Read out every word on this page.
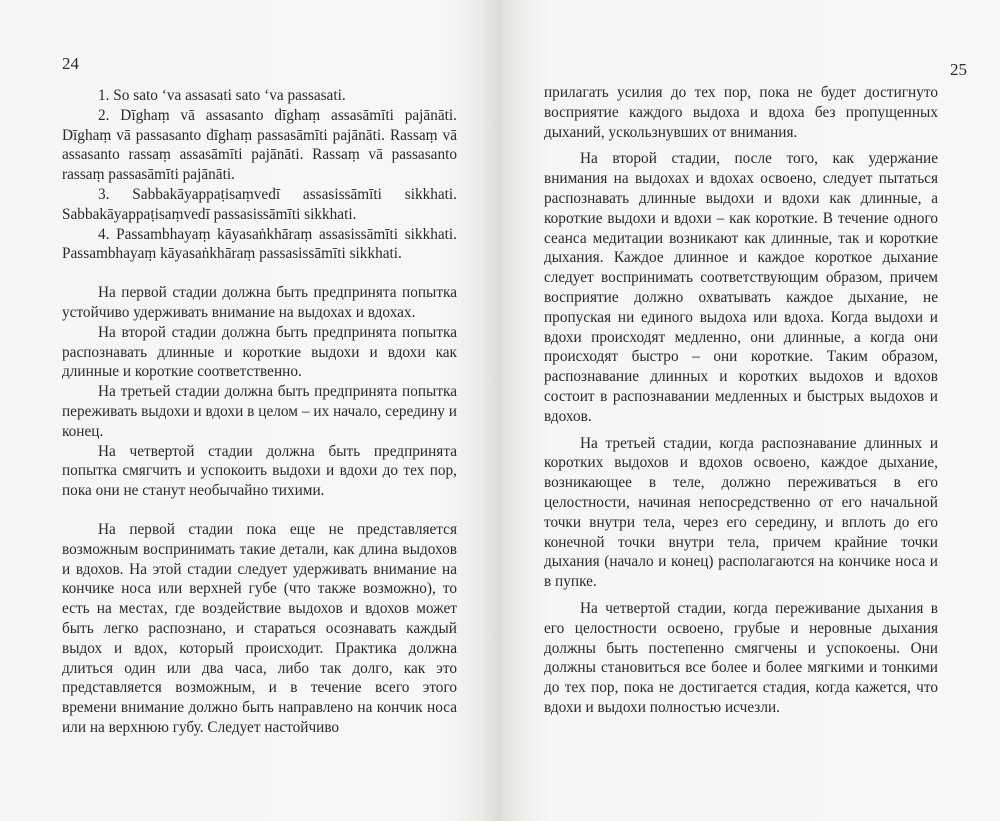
24

1. So sato ‘va assasati sato ‘va passasati.

2. Dīghaṃ vā assasanto dīghaṃ assasāmīti pajānāti. Dīghaṃ vā passasanto dīghaṃ passasāmīti pajānāti. Rassaṃ vā assasanto rassaṃ assasāmīti pajānāti. Rassaṃ vā passasanto rassaṃ passasāmīti pajānāti.

3. Sabbakāyappaṭisaṃvedī assasissāmīti sikkhati. Sabbakāyappaṭisaṃvedī passasissāmīti sikkhati.

4. Passambhayaṃ kāyasaṅkhāraṃ assasissāmīti sikkhati. Passambhayaṃ kāyasaṅkhāraṃ passasissāmīti sikkhati.

На первой стадии должна быть предпринята попытка устойчиво удерживать внимание на выдохах и вдохах.

На второй стадии должна быть предпринята попытка распознавать длинные и короткие выдохи и вдохи как длинные и короткие соответственно.

На третьей стадии должна быть предпринята попытка переживать выдохи и вдохи в целом – их начало, середину и конец.

На четвертой стадии должна быть предпринята попытка смягчить и успокоить выдохи и вдохи до тех пор, пока они не станут необычайно тихими.

На первой стадии пока еще не представляется возможным воспринимать такие детали, как длина выдохов и вдохов. На этой стадии следует удерживать внимание на кончике носа или верхней губе (что также возможно), то есть на местах, где воздействие выдохов и вдохов может быть легко распознано, и стараться осознавать каждый выдох и вдох, который происходит. Практика должна длиться один или два часа, либо так долго, как это представляется возможным, и в течение всего этого времени внимание должно быть направлено на кончик носа или на верхнюю губу. Следует настойчиво

25

прилагать усилия до тех пор, пока не будет достигнуто восприятие каждого выдоха и вдоха без пропущенных дыханий, ускользнувших от внимания.

На второй стадии, после того, как удержание внимания на выдохах и вдохах освоено, следует пытаться распознавать длинные выдохи и вдохи как длинные, а короткие выдохи и вдохи – как короткие. В течение одного сеанса медитации возникают как длинные, так и короткие дыхания. Каждое длинное и каждое короткое дыхание следует воспринимать соответствующим образом, причем восприятие должно охватывать каждое дыхание, не пропуская ни единого выдоха или вдоха. Когда выдохи и вдохи происходят медленно, они длинные, а когда они происходят быстро – они короткие. Таким образом, распознавание длинных и коротких выдохов и вдохов состоит в распознавании медленных и быстрых выдохов и вдохов.

На третьей стадии, когда распознавание длинных и коротких выдохов и вдохов освоено, каждое дыхание, возникающее в теле, должно переживаться в его целостности, начиная непосредственно от его начальной точки внутри тела, через его середину, и вплоть до его конечной точки внутри тела, причем крайние точки дыхания (начало и конец) располагаются на кончике носа и в пупке.

На четвертой стадии, когда переживание дыхания в его целостности освоено, грубые и неровные дыхания должны быть постепенно смягчены и успокоены. Они должны становиться все более и более мягкими и тонкими до тех пор, пока не достигается стадия, когда кажется, что вдохи и выдохи полностью исчезли.
